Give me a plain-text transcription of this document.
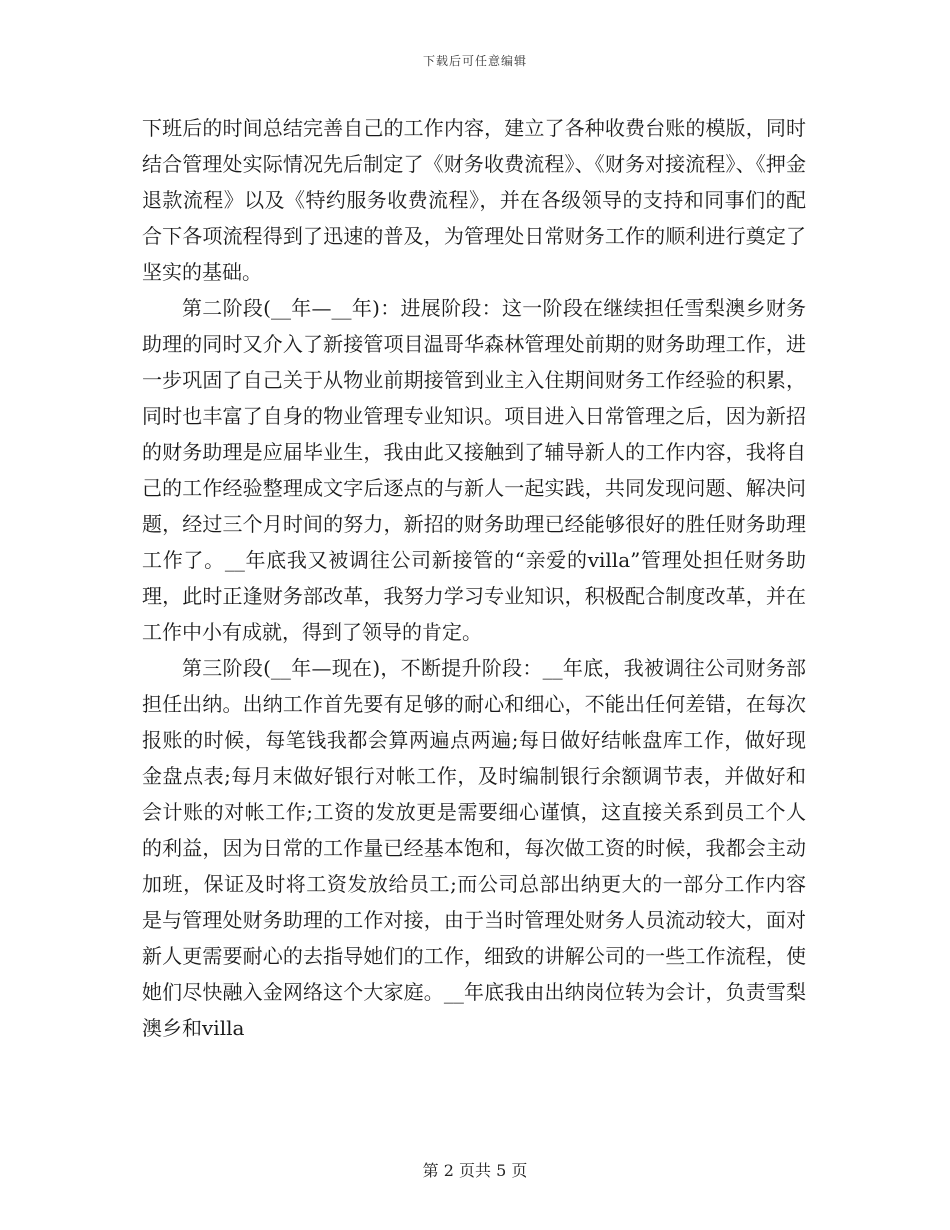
下载后可任意编辑

下班后的时间总结完善自己的工作内容，建立了各种收费台账的模版，同时结合管理处实际情况先后制定了《财务收费流程》、《财务对接流程》、《押金退款流程》以及《特约服务收费流程》，并在各级领导的支持和同事们的配合下各项流程得到了迅速的普及，为管理处日常财务工作的顺利进行奠定了坚实的基础。

第二阶段(__年—__年)：进展阶段：这一阶段在继续担任雪梨澳乡财务助理的同时又介入了新接管项目温哥华森林管理处前期的财务助理工作，进一步巩固了自己关于从物业前期接管到业主入住期间财务工作经验的积累，同时也丰富了自身的物业管理专业知识。项目进入日常管理之后，因为新招的财务助理是应届毕业生，我由此又接触到了辅导新人的工作内容，我将自己的工作经验整理成文字后逐点的与新人一起实践，共同发现问题、解决问题，经过三个月时间的努力，新招的财务助理已经能够很好的胜任财务助理工作了。__年底我又被调往公司新接管的“亲爱的villa”管理处担任财务助理，此时正逢财务部改革，我努力学习专业知识，积极配合制度改革，并在工作中小有成就，得到了领导的肯定。

第三阶段(__年—现在)，不断提升阶段：__年底，我被调往公司财务部担任出纳。出纳工作首先要有足够的耐心和细心，不能出任何差错，在每次报账的时候，每笔钱我都会算两遍点两遍;每日做好结帐盘库工作，做好现金盘点表;每月末做好银行对帐工作，及时编制银行余额调节表，并做好和会计账的对帐工作;工资的发放更是需要细心谨慎，这直接关系到员工个人的利益，因为日常的工作量已经基本饱和，每次做工资的时候，我都会主动加班，保证及时将工资发放给员工;而公司总部出纳更大的一部分工作内容是与管理处财务助理的工作对接，由于当时管理处财务人员流动较大，面对新人更需要耐心的去指导她们的工作，细致的讲解公司的一些工作流程，使她们尽快融入金网络这个大家庭。__年底我由出纳岗位转为会计，负责雪梨澳乡和villa

第 2 页共 5 页
